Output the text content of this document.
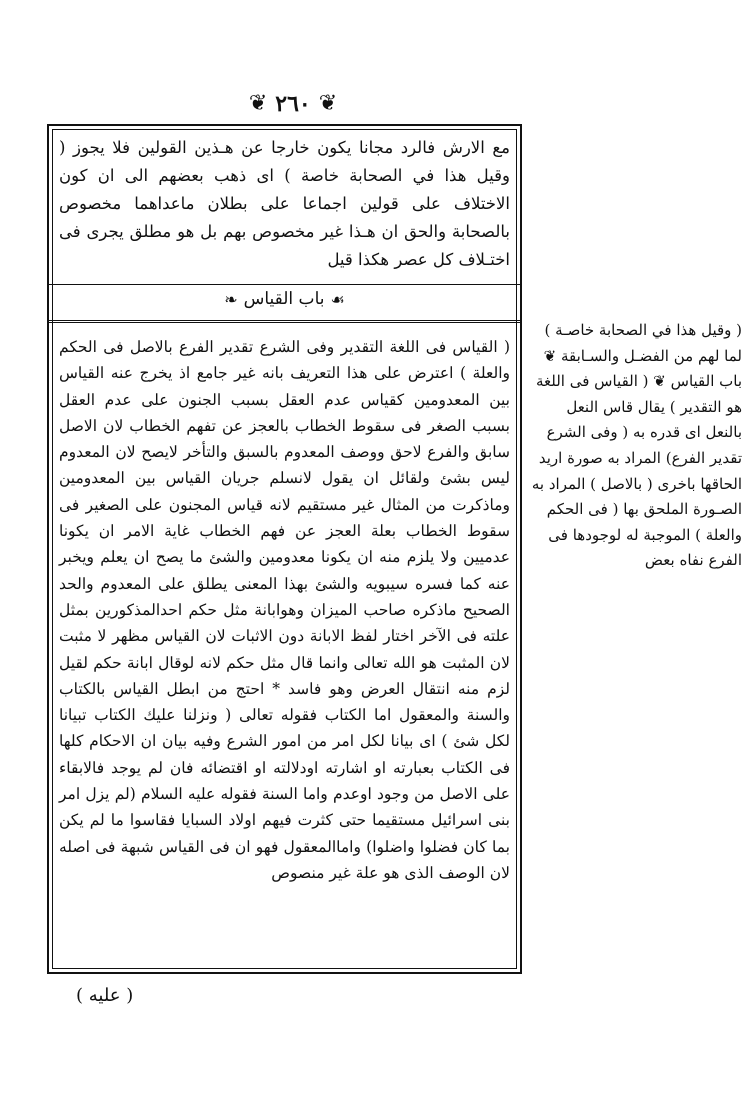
❦ ٢٦٠ ❦

مع الارش فالرد مجانا يكون خارجا عن هـذين القولين فلا يجوز ( وقيل هذا في الصحابة خاصة ) اى ذهب بعضهم الى ان كون الاختلاف على قولين اجماعا على بطلان ماعداهما مخصوص بالصحابة والحق ان هـذا غير مخصوص بهم بل هو مطلق يجرى فى اختـلاف كل عصر هكذا قيل

☙
باب القياس
❧

( القياس فى اللغة التقدير وفى الشرع تقدير الفرع بالاصل فى الحكم والعلة ) اعترض على هذا التعريف بانه غير جامع اذ يخرج عنه القياس بين المعدومين كقياس عدم العقل بسبب الجنون على عدم العقل بسبب الصغر فى سقوط الخطاب بالعجز عن تفهم الخطاب لان الاصل سابق والفرع لاحق ووصف المعدوم بالسبق والتأخر لايصح لان المعدوم ليس بشئ ولقائل ان يقول لانسلم جريان القياس بين المعدومين وماذكرت من المثال غير مستقيم لانه قياس المجنون على الصغير فى سقوط الخطاب بعلة العجز عن فهم الخطاب غاية الامر ان يكونا عدميين ولا يلزم منه ان يكونا معدومين والشئ ما يصح ان يعلم ويخبر عنه كما فسره سيبويه والشئ بهذا المعنى يطلق على المعدوم والحد الصحيح ماذكره صاحب الميزان وهوابانة مثل حكم احدالمذكورين بمثل علته فى الآخر اختار لفظ الابانة دون الاثبات لان القياس مظهر لا مثبت لان المثبت هو الله تعالى وانما قال مثل حكم لانه لوقال ابانة حكم لقيل لزم منه انتقال العرض وهو فاسد * احتج من ابطل القياس بالكتاب والسنة والمعقول اما الكتاب فقوله تعالى ( ونزلنا عليك الكتاب تبيانا لكل شئ ) اى بيانا لكل امر من امور الشرع وفيه بيان ان الاحكام كلها فى الكتاب بعبارته او اشارته اودلالته او اقتضائه فان لم يوجد فالابقاء على الاصل من وجود اوعدم واما السنة فقوله عليه السلام (لم يزل امر بنى اسرائيل مستقيما حتى كثرت فيهم اولاد السبايا فقاسوا ما لم يكن بما كان فضلوا واضلوا) واماالمعقول فهو ان فى القياس شبهة فى اصله لان الوصف الذى هو علة غير منصوص

( وقيل هذا في الصحابة خاصـة ) لما لهم من الفضـل والسـابقة ❦ باب القياس ❦ ( القياس فى اللغة هو التقدير ) يقال قاس النعل بالنعل اى قدره به ( وفى الشرع تقدير الفرع) المراد به صورة اريد الحاقها باخرى ( بالاصل ) المراد به الصـورة الملحق بها ( فى الحكم والعلة ) الموجبة له لوجودها فى الفرع نفاه بعض

( عليه )
